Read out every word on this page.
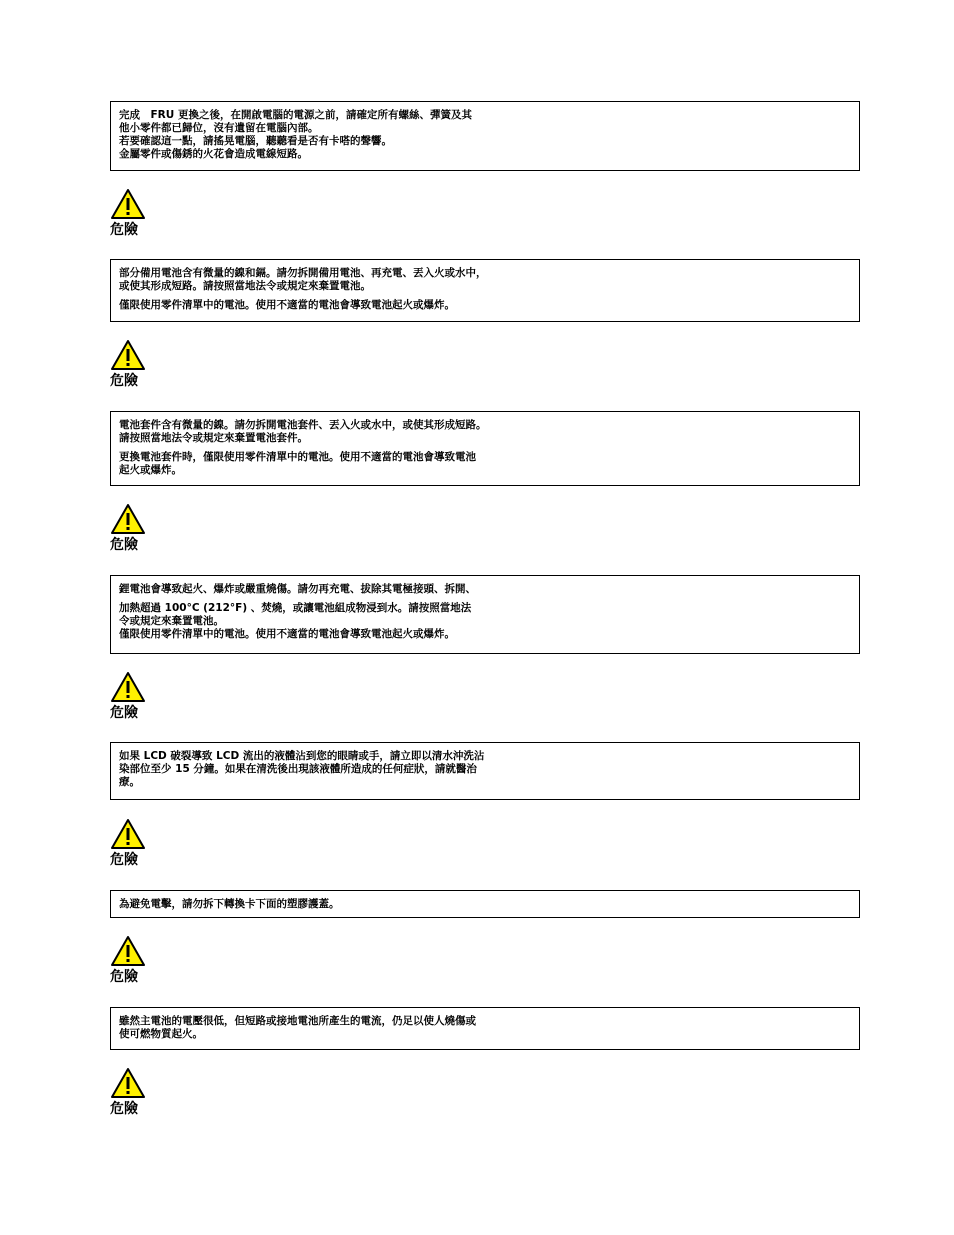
完成　FRU 更換之後，在開啟電腦的電源之前，請確定所有螺絲、彈簧及其

他小零件都已歸位，沒有遺留在電腦內部。

若要確認這一點，請搖晃電腦，聽聽看是否有卡嗒的聲響。

金屬零件或傷銹的火花會造成電線短路。

危險

部分備用電池含有微量的鎳和鎘。請勿拆開備用電池、再充電、丟入火或水中，

或使其形成短路。請按照當地法令或規定來棄置電池。

僅限使用零件清單中的電池。使用不適當的電池會導致電池起火或爆炸。

危險

電池套件含有微量的鎳。請勿拆開電池套件、丟入火或水中，或使其形成短路。

請按照當地法令或規定來棄置電池套件。

更換電池套件時，僅限使用零件清單中的電池。使用不適當的電池會導致電池

起火或爆炸。

危險

鋰電池會導致起火、爆炸或嚴重燒傷。請勿再充電、拔除其電極接頭、拆開、

加熱超過 100°C (212°F) 、焚燒，或讓電池組成物浸到水。請按照當地法

令或規定來棄置電池。

僅限使用零件清單中的電池。使用不適當的電池會導致電池起火或爆炸。

危險

如果 LCD 破裂導致 LCD 流出的液體沾到您的眼睛或手，請立即以清水沖洗沾

染部位至少 15 分鐘。如果在清洗後出現該液體所造成的任何症狀，請就醫治

療。

危險

為避免電擊，請勿拆下轉換卡下面的塑膠護蓋。

危險

雖然主電池的電壓很低，但短路或接地電池所產生的電流，仍足以使人燒傷或

使可燃物質起火。

危險
